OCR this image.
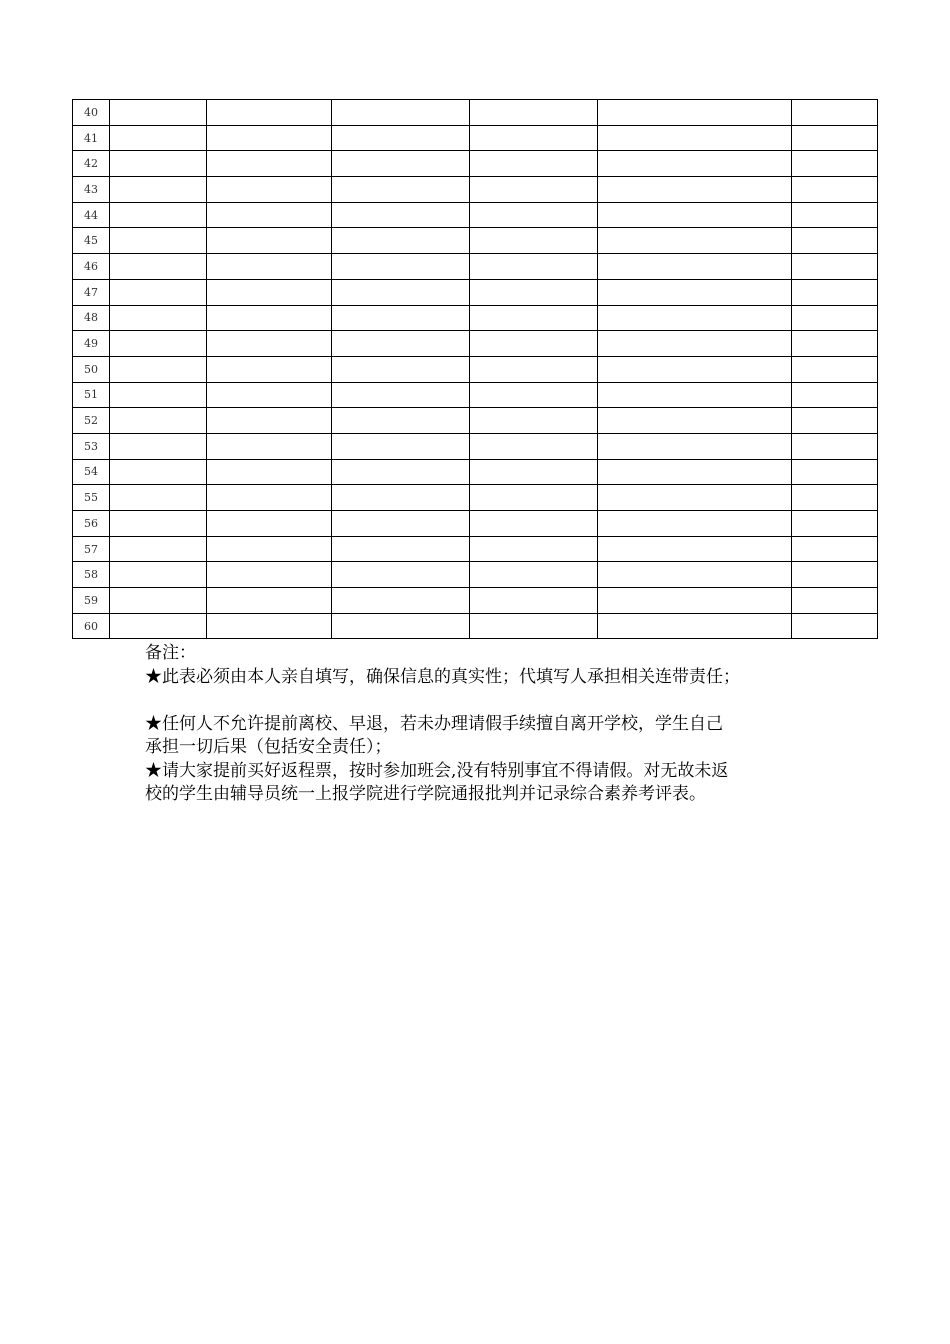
40						
41						
42						
43						
44						
45						
46						
47						
48						
49						
50						
51						
52						
53						
54						
55						
56						
57						
58						
59						
60						

备注：

★此表必须由本人亲自填写，确保信息的真实性；代填写人承担相关连带责任；

★任何人不允许提前离校、早退，若未办理请假手续擅自离开学校，学生自己

承担一切后果（包括安全责任）；

★请大家提前买好返程票，按时参加班会,没有特别事宜不得请假。对无故未返

校的学生由辅导员统一上报学院进行学院通报批判并记录综合素养考评表。
